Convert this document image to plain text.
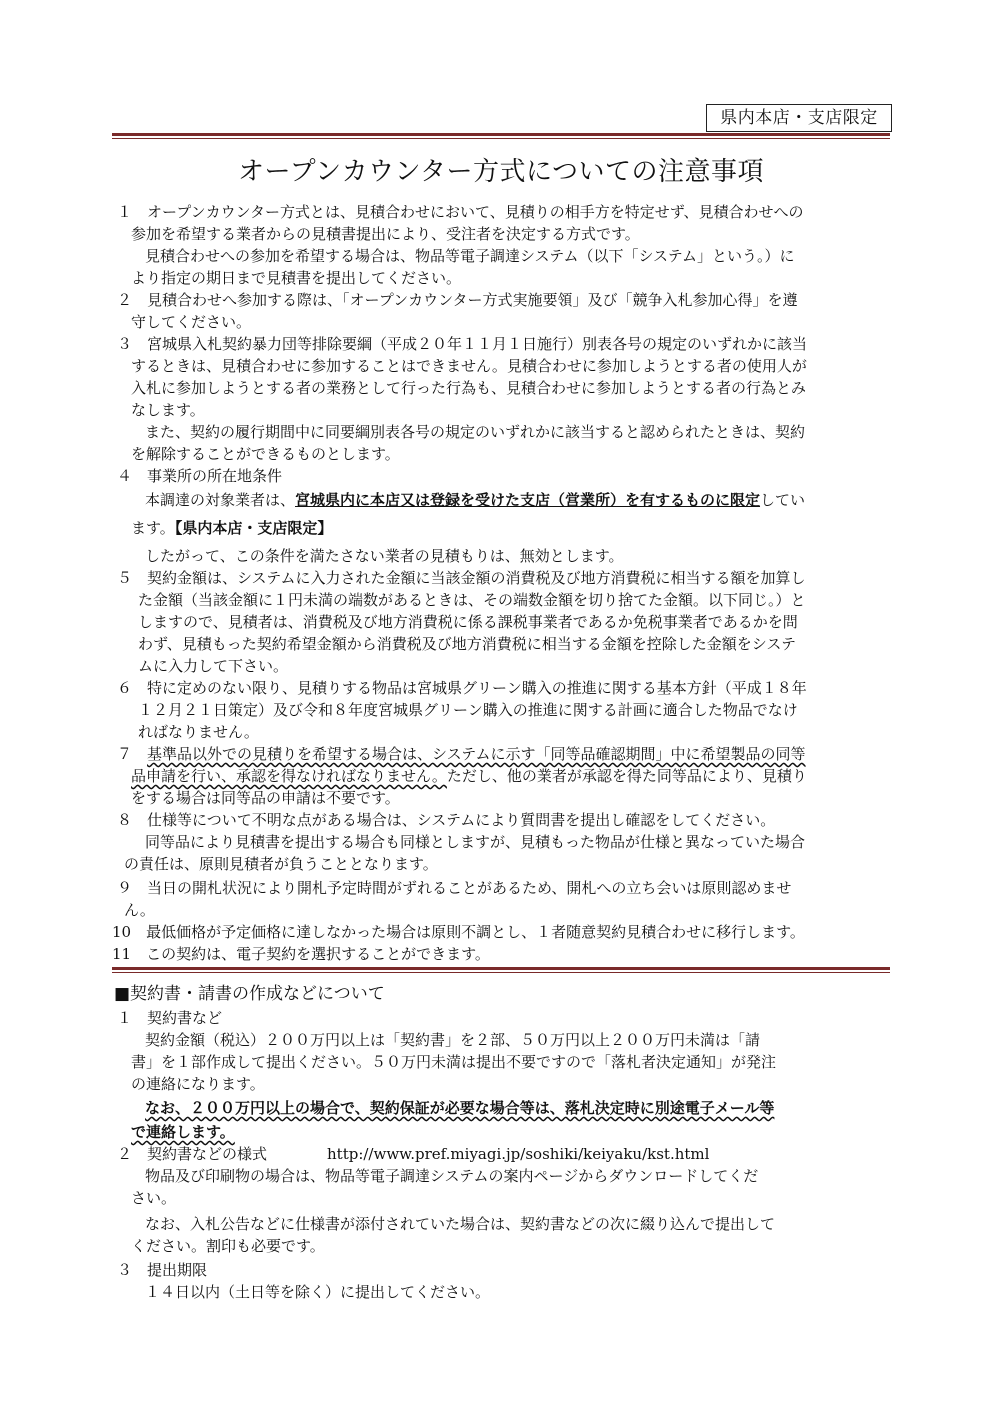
県内本店・支店限定
オープンカウンター方式についての注意事項
１　オープンカウンター方式とは、見積合わせにおいて、見積りの相手方を特定せず、見積合わせへの
参加を希望する業者からの見積書提出により、受注者を決定する方式です。
見積合わせへの参加を希望する場合は、物品等電子調達システム（以下「システム」という。）に
より指定の期日まで見積書を提出してください。
２　見積合わせへ参加する際は、「オープンカウンター方式実施要領」及び「競争入札参加心得」を遵
守してください。
３　宮城県入札契約暴力団等排除要綱（平成２０年１１月１日施行）別表各号の規定のいずれかに該当
するときは、見積合わせに参加することはできません。見積合わせに参加しようとする者の使用人が
入札に参加しようとする者の業務として行った行為も、見積合わせに参加しようとする者の行為とみ
なします。
また、契約の履行期間中に同要綱別表各号の規定のいずれかに該当すると認められたときは、契約
を解除することができるものとします。
４　事業所の所在地条件
本調達の対象業者は、宮城県内に本店又は登録を受けた支店（営業所）を有するものに限定してい
ます。【県内本店・支店限定】
したがって、この条件を満たさない業者の見積もりは、無効とします。
５　契約金額は、システムに入力された金額に当該金額の消費税及び地方消費税に相当する額を加算し
た金額（当該金額に１円未満の端数があるときは、その端数金額を切り捨てた金額。以下同じ。）と
しますので、見積者は、消費税及び地方消費税に係る課税事業者であるか免税事業者であるかを問
わず、見積もった契約希望金額から消費税及び地方消費税に相当する金額を控除した金額をシステ
ムに入力して下さい。
６　特に定めのない限り、見積りする物品は宮城県グリーン購入の推進に関する基本方針（平成１８年
１２月２１日策定）及び令和８年度宮城県グリーン購入の推進に関する計画に適合した物品でなけ
ればなりません。
７　基準品以外での見積りを希望する場合は、システムに示す「同等品確認期間」中に希望製品の同等
品申請を行い、承認を得なければなりません。ただし、他の業者が承認を得た同等品により、見積り
をする場合は同等品の申請は不要です。
８　仕様等について不明な点がある場合は、システムにより質問書を提出し確認をしてください。
同等品により見積書を提出する場合も同様としますが、見積もった物品が仕様と異なっていた場合
の責任は、原則見積者が負うこととなります。
９　当日の開札状況により開札予定時間がずれることがあるため、開札への立ち会いは原則認めませ
ん。
10　最低価格が予定価格に達しなかった場合は原則不調とし、１者随意契約見積合わせに移行します。
11　この契約は、電子契約を選択することができます。
■契約書・請書の作成などについて
１　契約書など
契約金額（税込）２００万円以上は「契約書」を２部、５０万円以上２００万円未満は「請
書」を１部作成して提出ください。５０万円未満は提出不要ですので「落札者決定通知」が発注
の連絡になります。
なお、２００万円以上の場合で、契約保証が必要な場合等は、落札決定時に別途電子メール等
で連絡します。
２　契約書などの様式　　　　http://www.pref.miyagi.jp/soshiki/keiyaku/kst.html
物品及び印刷物の場合は、物品等電子調達システムの案内ページからダウンロードしてくだ
さい。
なお、入札公告などに仕様書が添付されていた場合は、契約書などの次に綴り込んで提出して
ください。割印も必要です。
３　提出期限
１４日以内（土日等を除く）に提出してください。
